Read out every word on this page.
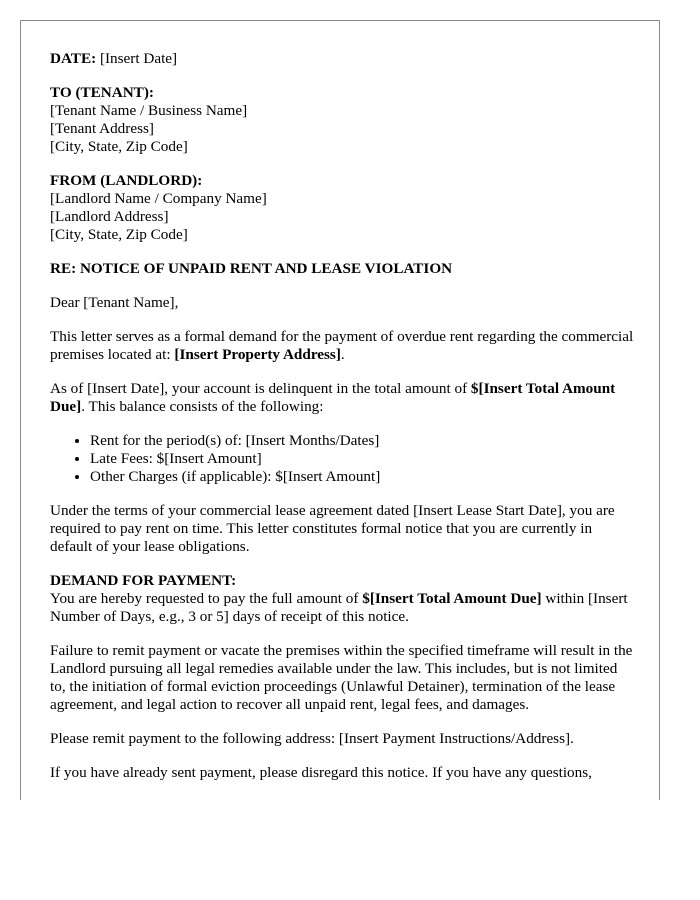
DATE: [Insert Date]

TO (TENANT):
[Tenant Name / Business Name]
[Tenant Address]
[City, State, Zip Code]
FROM (LANDLORD):
[Landlord Name / Company Name]
[Landlord Address]
[City, State, Zip Code]

RE: NOTICE OF UNPAID RENT AND LEASE VIOLATION

Dear [Tenant Name],

This letter serves as a formal demand for the payment of overdue rent regarding the commercial premises located at: [Insert Property Address].

As of [Insert Date], your account is delinquent in the total amount of $[Insert Total Amount Due]. This balance consists of the following:

• Rent for the period(s) of: [Insert Months/Dates]
• Late Fees: $[Insert Amount]
• Other Charges (if applicable): $[Insert Amount]

Under the terms of your commercial lease agreement dated [Insert Lease Start Date], you are required to pay rent on time. This letter constitutes formal notice that you are currently in default of your lease obligations.

DEMAND FOR PAYMENT:
You are hereby requested to pay the full amount of $[Insert Total Amount Due] within [Insert Number of Days, e.g., 3 or 5] days of receipt of this notice.

Failure to remit payment or vacate the premises within the specified timeframe will result in the Landlord pursuing all legal remedies available under the law. This includes, but is not limited to, the initiation of formal eviction proceedings (Unlawful Detainer), termination of the lease agreement, and legal action to recover all unpaid rent, legal fees, and damages.

Please remit payment to the following address: [Insert Payment Instructions/Address].

If you have already sent payment, please disregard this notice. If you have any questions,
